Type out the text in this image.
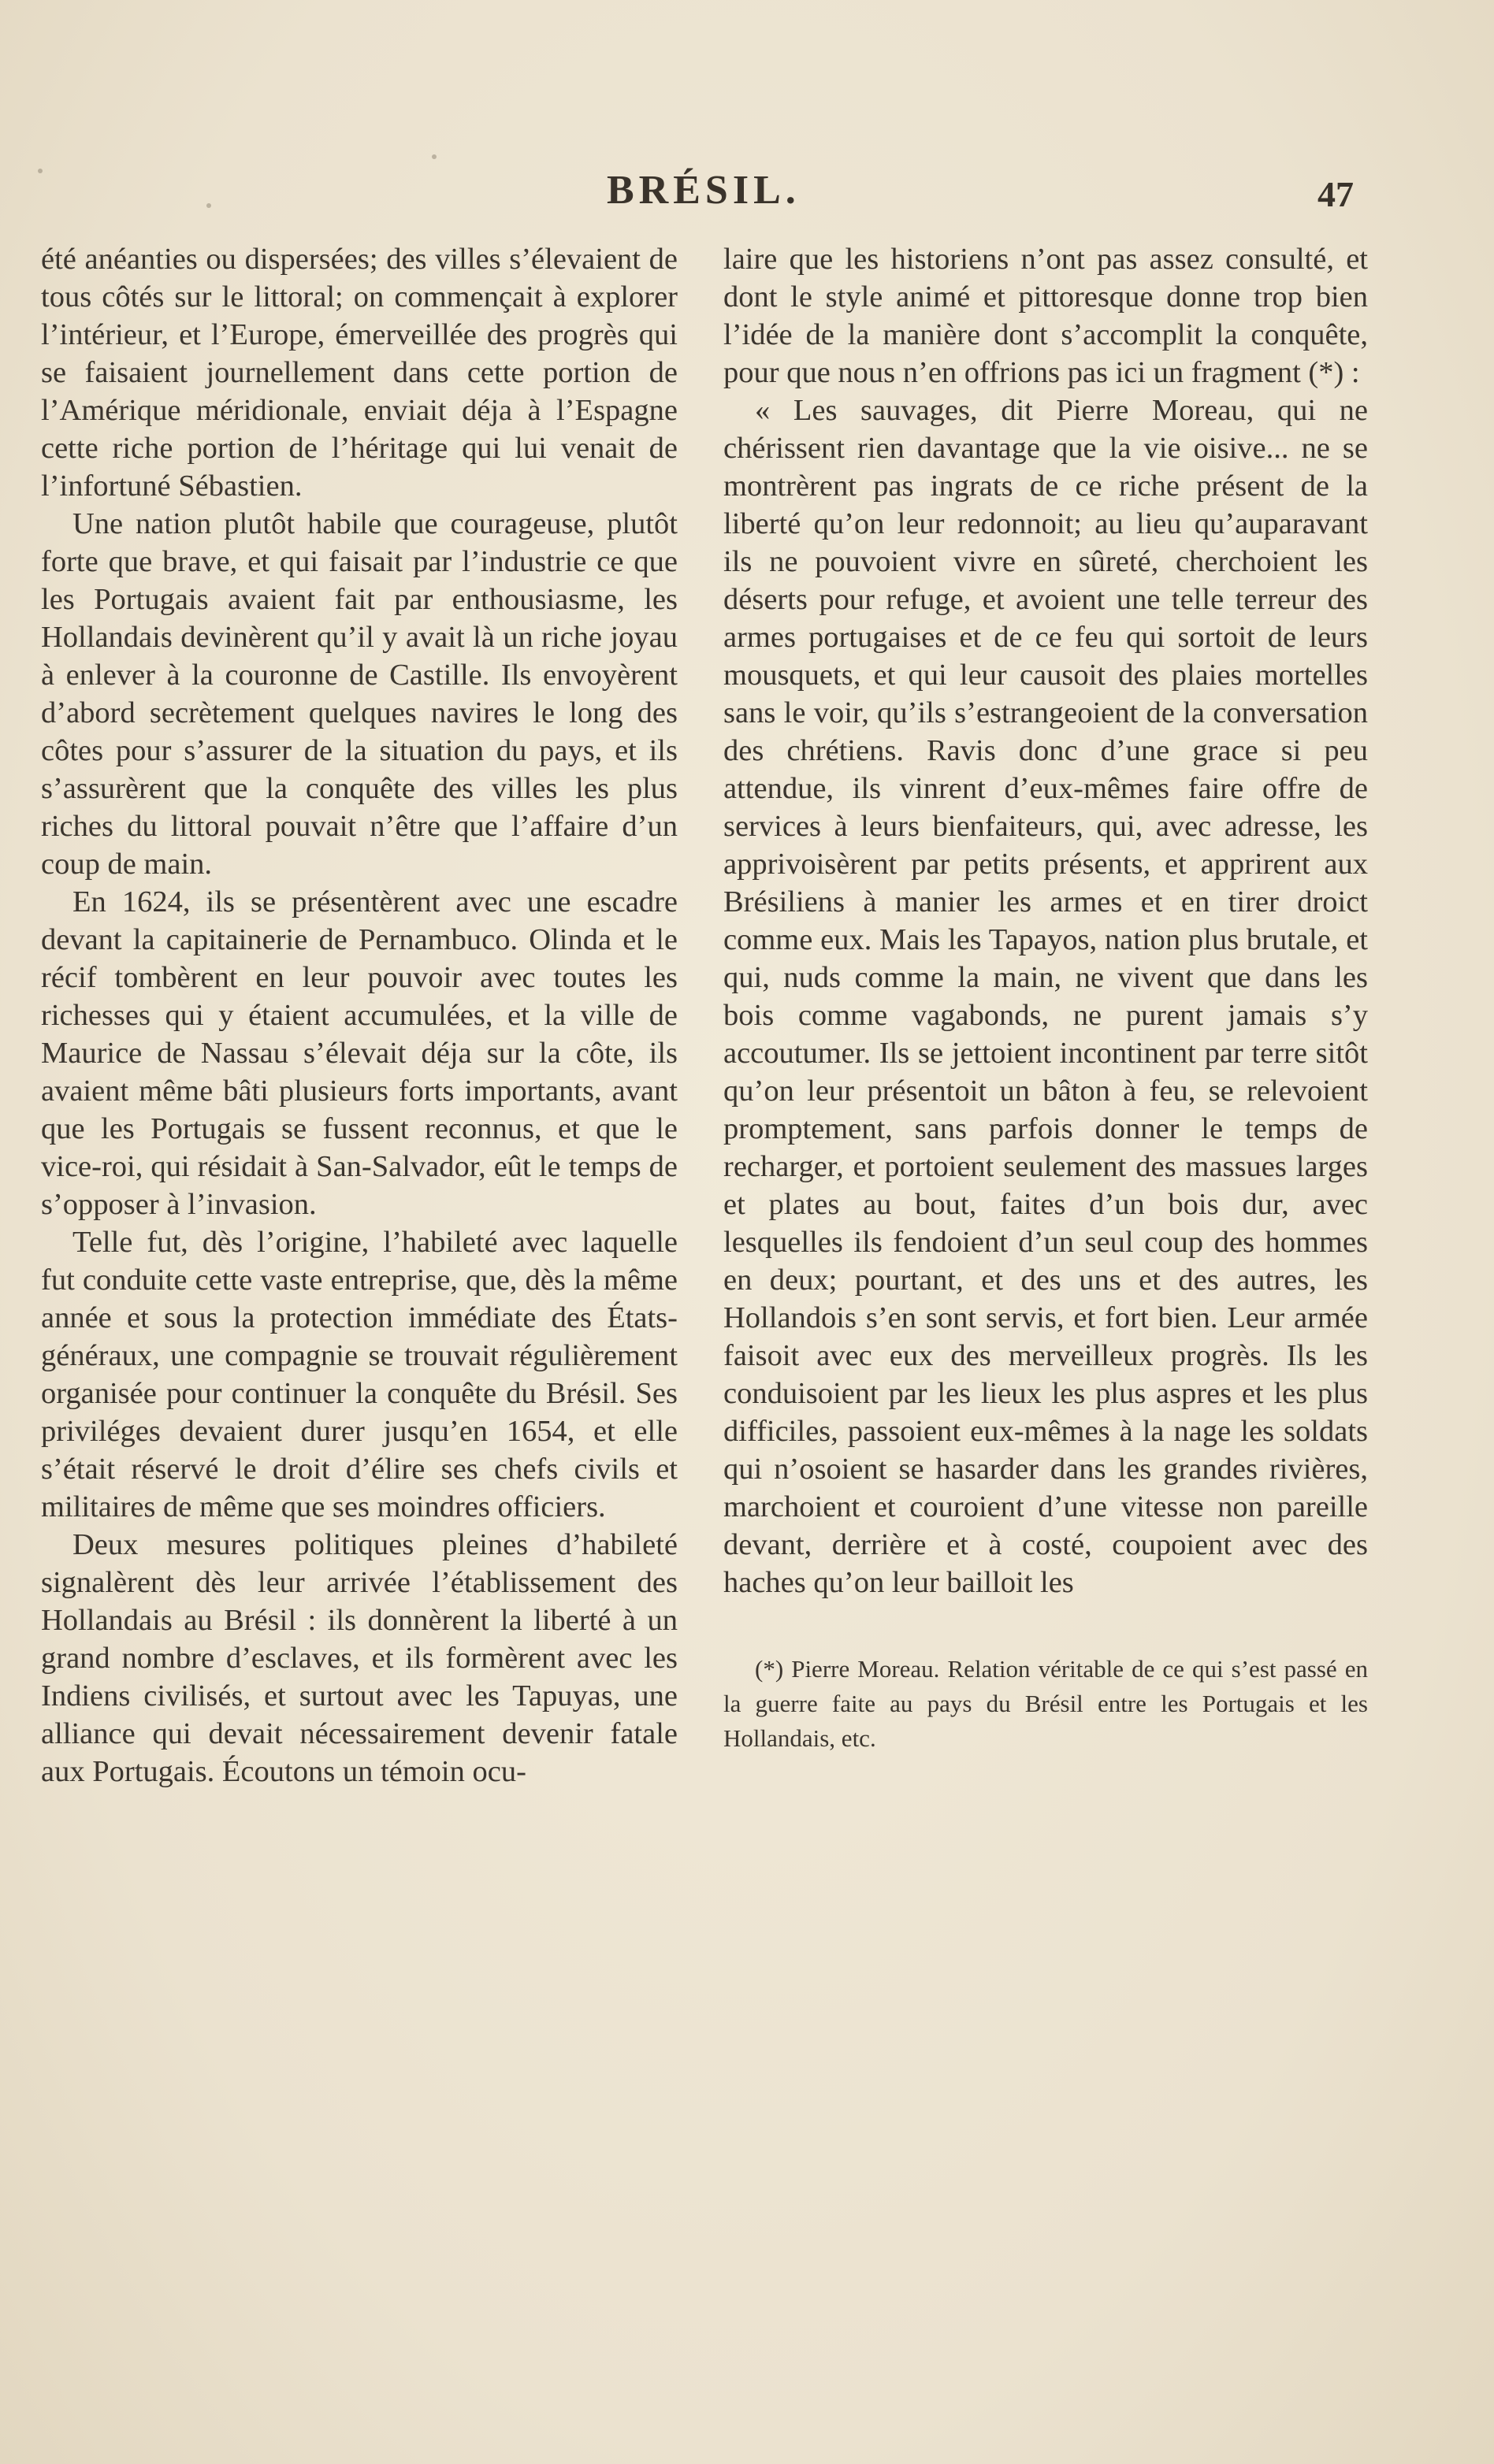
BRÉSIL.	47

été anéanties ou dispersées; des villes s’élevaient de tous côtés sur le littoral; on commençait à explorer l’intérieur, et l’Europe, émerveillée des progrès qui se faisaient journellement dans cette portion de l’Amérique méridionale, enviait déja à l’Espagne cette riche portion de l’héritage qui lui venait de l’infortuné Sébastien.

Une nation plutôt habile que courageuse, plutôt forte que brave, et qui faisait par l’industrie ce que les Portugais avaient fait par enthousiasme, les Hollandais devinèrent qu’il y avait là un riche joyau à enlever à la couronne de Castille. Ils envoyèrent d’abord secrètement quelques navires le long des côtes pour s’assurer de la situation du pays, et ils s’assurèrent que la conquête des villes les plus riches du littoral pouvait n’être que l’affaire d’un coup de main.

En 1624, ils se présentèrent avec une escadre devant la capitainerie de Pernambuco. Olinda et le récif tombèrent en leur pouvoir avec toutes les richesses qui y étaient accumulées, et la ville de Maurice de Nassau s’élevait déja sur la côte, ils avaient même bâti plusieurs forts importants, avant que les Portugais se fussent reconnus, et que le vice-roi, qui résidait à San-Salvador, eût le temps de s’opposer à l’invasion.

Telle fut, dès l’origine, l’habileté avec laquelle fut conduite cette vaste entreprise, que, dès la même année et sous la protection immédiate des États-généraux, une compagnie se trouvait régulièrement organisée pour continuer la conquête du Brésil. Ses priviléges devaient durer jusqu’en 1654, et elle s’était réservé le droit d’élire ses chefs civils et militaires de même que ses moindres officiers.

Deux mesures politiques pleines d’habileté signalèrent dès leur arrivée l’établissement des Hollandais au Brésil : ils donnèrent la liberté à un grand nombre d’esclaves, et ils formèrent avec les Indiens civilisés, et surtout avec les Tapuyas, une alliance qui devait nécessairement devenir fatale aux Portugais. Écoutons un témoin ocu-

laire que les historiens n’ont pas assez consulté, et dont le style animé et pittoresque donne trop bien l’idée de la manière dont s’accomplit la conquête, pour que nous n’en offrions pas ici un fragment (*) :

« Les sauvages, dit Pierre Moreau, qui ne chérissent rien davantage que la vie oisive... ne se montrèrent pas ingrats de ce riche présent de la liberté qu’on leur redonnoit; au lieu qu’auparavant ils ne pouvoient vivre en sûreté, cherchoient les déserts pour refuge, et avoient une telle terreur des armes portugaises et de ce feu qui sortoit de leurs mousquets, et qui leur causoit des plaies mortelles sans le voir, qu’ils s’estrangeoient de la conversation des chrétiens. Ravis donc d’une grace si peu attendue, ils vinrent d’eux-mêmes faire offre de services à leurs bienfaiteurs, qui, avec adresse, les apprivoisèrent par petits présents, et apprirent aux Brésiliens à manier les armes et en tirer droict comme eux. Mais les Tapayos, nation plus brutale, et qui, nuds comme la main, ne vivent que dans les bois comme vagabonds, ne purent jamais s’y accoutumer. Ils se jettoient incontinent par terre sitôt qu’on leur présentoit un bâton à feu, se relevoient promptement, sans parfois donner le temps de recharger, et portoient seulement des massues larges et plates au bout, faites d’un bois dur, avec lesquelles ils fendoient d’un seul coup des hommes en deux; pourtant, et des uns et des autres, les Hollandois s’en sont servis, et fort bien. Leur armée faisoit avec eux des merveilleux progrès. Ils les conduisoient par les lieux les plus aspres et les plus difficiles, passoient eux-mêmes à la nage les soldats qui n’osoient se hasarder dans les grandes rivières, marchoient et couroient d’une vitesse non pareille devant, derrière et à costé, coupoient avec des haches qu’on leur bailloit les

(*) Pierre Moreau. Relation véritable de ce qui s’est passé en la guerre faite au pays du Brésil entre les Portugais et les Hollandais, etc.
